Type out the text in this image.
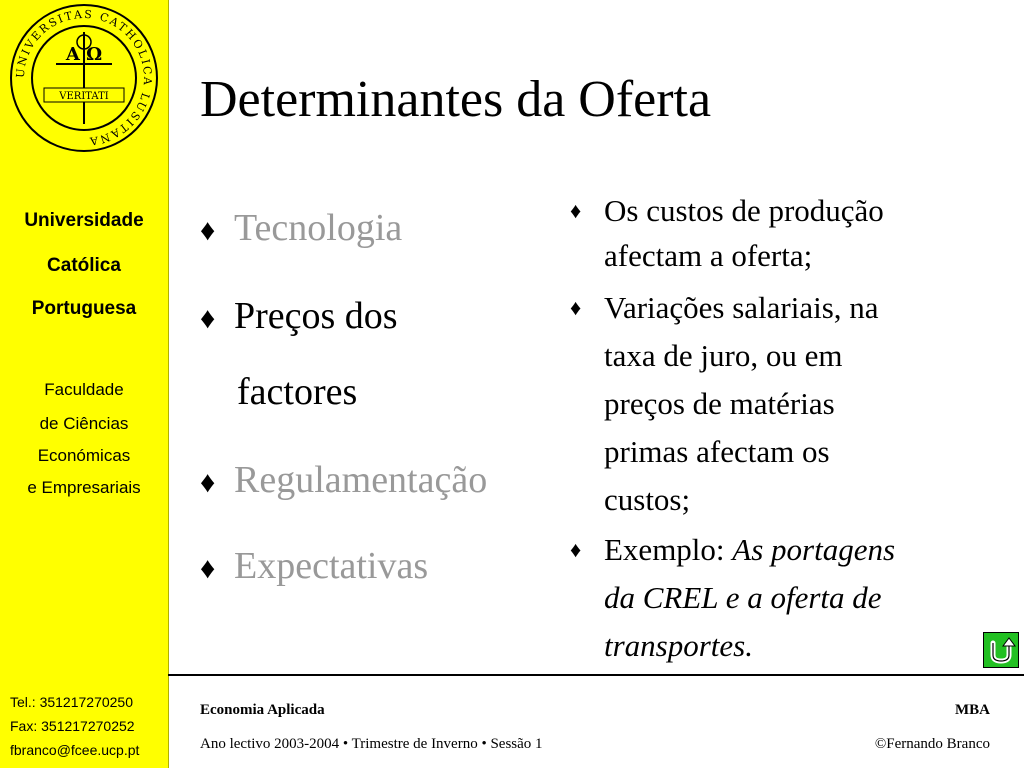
UNIVERSITAS CATHOLICA LUSITANA
A Ω
VERITATI
Universidade
Católica
Portuguesa
Faculdade
de Ciências
Económicas
e Empresariais
Tel.: 351217270250
Fax: 351217270252
fbranco@fcee.ucp.pt
Determinantes da Oferta
♦ Tecnologia
♦ Preços dos
factores
♦ Regulamentação
♦ Expectativas
♦ Os custos de produção
afectam a oferta;
♦ Variações salariais, na
taxa de juro, ou em
preços de matérias
primas afectam os
custos;
♦ Exemplo: As portagens
da CREL e a oferta de
transportes.
Economia Aplicada	MBA
Ano lectivo 2003-2004 • Trimestre de Inverno • Sessão 1	©Fernando Branco
